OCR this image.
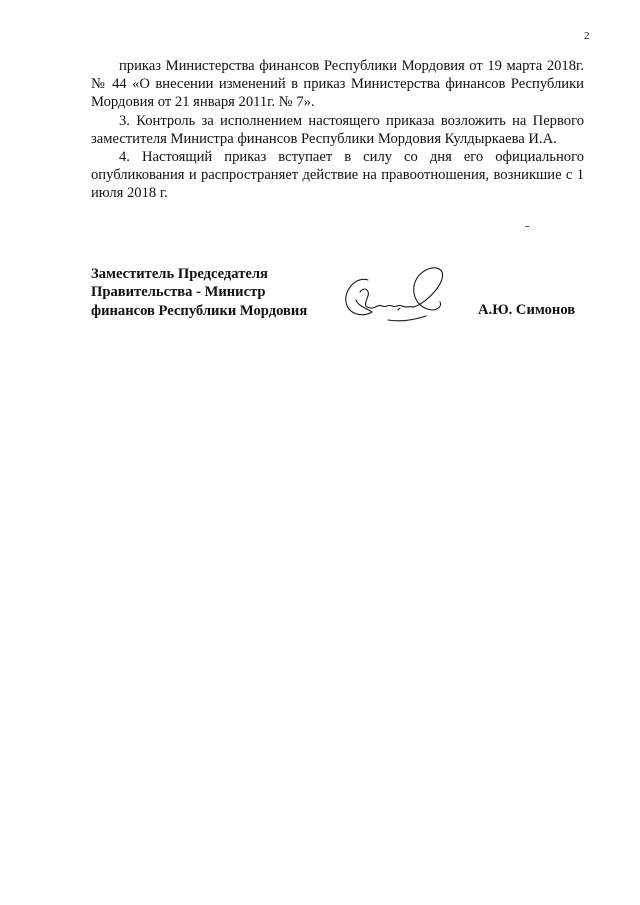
2

приказ Министерства финансов Республики Мордовия от 19 марта 2018г. № 44 «О внесении изменений в приказ Министерства финансов Республики Мордовия от 21 января 2011г. № 7».

3. Контроль за исполнением настоящего приказа возложить на Первого заместителя Министра финансов Республики Мордовия Кулдыркаева И.А.

4. Настоящий приказ вступает в силу со дня его официального опубликования и распространяет действие на правоотношения, возникшие с 1 июля 2018 г.

Заместитель Председателя
Правительства - Министр
финансов Республики Мордовия	А.Ю. Симонов
